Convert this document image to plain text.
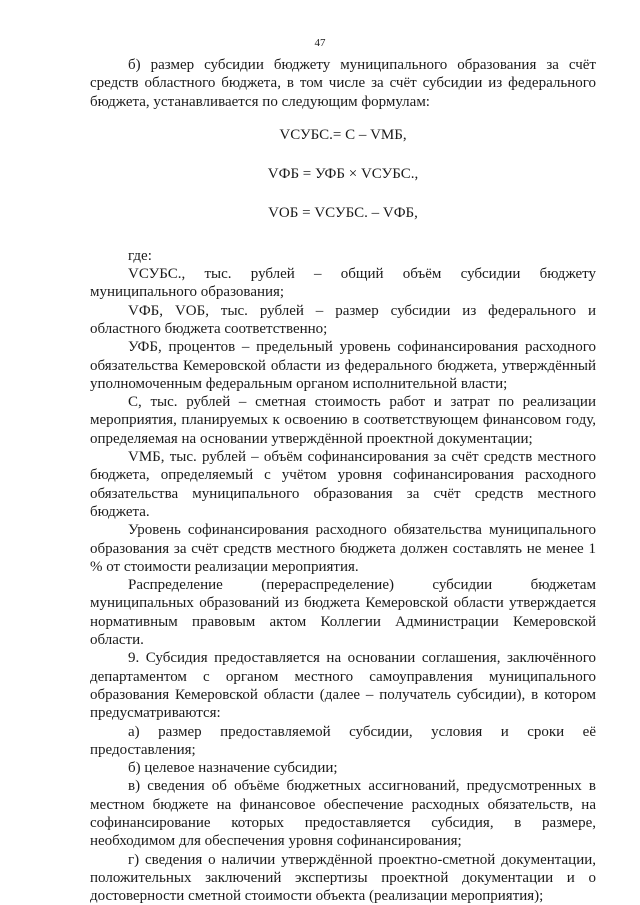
47

б) размер субсидии бюджету муниципального образования за счёт средств областного бюджета, в том числе за счёт субсидии из федерального бюджета, устанавливается по следующим формулам:

VСУБС.= С – VМБ,

VФБ = УФБ × VСУБС.,

VОБ = VСУБС. – VФБ,

где:

VСУБС., тыс. рублей – общий объём субсидии бюджету муниципального образования;

VФБ, VОБ, тыс. рублей – размер субсидии из федерального и областного бюджета соответственно;

УФБ, процентов – предельный уровень софинансирования расходного обязательства Кемеровской области из федерального бюджета, утверждённый уполномоченным федеральным органом исполнительной власти;

С, тыс. рублей – сметная стоимость работ и затрат по реализации мероприятия, планируемых к освоению в соответствующем финансовом году, определяемая на основании утверждённой проектной документации;

VМБ, тыс. рублей – объём софинансирования за счёт средств местного бюджета, определяемый с учётом уровня софинансирования расходного обязательства муниципального образования за счёт средств местного бюджета.

Уровень софинансирования расходного обязательства муниципального образования за счёт средств местного бюджета должен составлять не менее 1 % от стоимости реализации мероприятия.

Распределение (перераспределение) субсидии бюджетам муниципальных образований из бюджета Кемеровской области утверждается нормативным правовым актом Коллегии Администрации Кемеровской области.

9. Субсидия предоставляется на основании соглашения, заключённого департаментом с органом местного самоуправления муниципального образования Кемеровской области (далее – получатель субсидии), в котором предусматриваются:

а) размер предоставляемой субсидии, условия и сроки её предоставления;

б) целевое назначение субсидии;

в) сведения об объёме бюджетных ассигнований, предусмотренных в местном бюджете на финансовое обеспечение расходных обязательств, на софинансирование которых предоставляется субсидия, в размере, необходимом для обеспечения уровня софинансирования;

г) сведения о наличии утверждённой проектно-сметной документации, положительных заключений экспертизы проектной документации и о достоверности сметной стоимости объекта (реализации мероприятия);
